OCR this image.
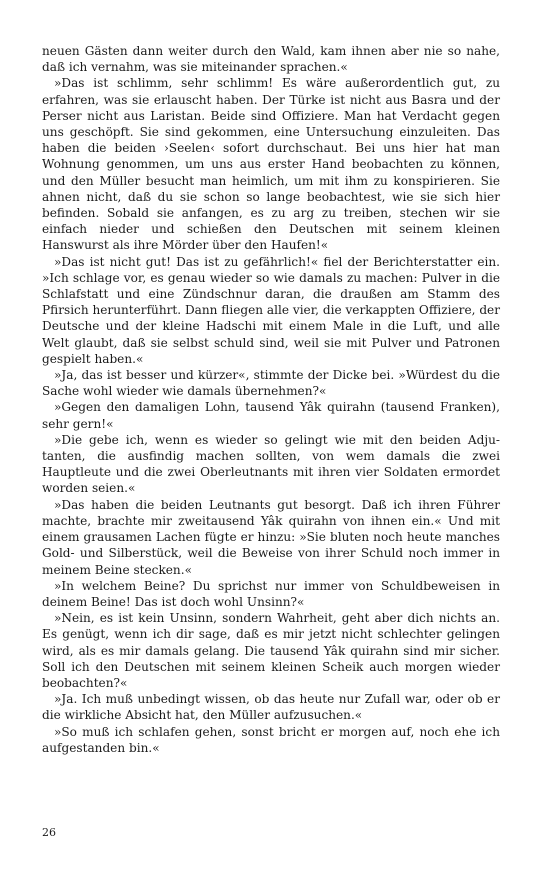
neuen Gästen dann weiter durch den Wald, kam ihnen aber nie so nahe, daß ich vernahm, was sie miteinander sprachen.«

»Das ist schlimm, sehr schlimm! Es wäre außerordentlich gut, zu erfahren, was sie erlauscht haben. Der Türke ist nicht aus Basra und der Perser nicht aus Laristan. Beide sind Offiziere. Man hat Verdacht gegen uns geschöpft. Sie sind gekommen, eine Untersuchung einzuleiten. Das haben die beiden ›Seelen‹ sofort durchschaut. Bei uns hier hat man Wohnung genommen, um uns aus erster Hand beobachten zu können, und den Müller besucht man heimlich, um mit ihm zu konspirieren. Sie ahnen nicht, daß du sie schon so lange beobachtest, wie sie sich hier befinden. Sobald sie anfangen, es zu arg zu treiben, stechen wir sie einfach nieder und schießen den Deutschen mit seinem kleinen Hanswurst als ihre Mörder über den Haufen!«

»Das ist nicht gut! Das ist zu gefährlich!« fiel der Berichterstatter ein. »Ich schlage vor, es genau wieder so wie damals zu machen: Pulver in die Schlafstatt und eine Zündschnur daran, die draußen am Stamm des Pfirsich herunterführt. Dann fliegen alle vier, die verkappten Offiziere, der Deutsche und der kleine Hadschi mit einem Male in die Luft, und alle Welt glaubt, daß sie selbst schuld sind, weil sie mit Pulver und Patronen gespielt haben.«

»Ja, das ist besser und kürzer«, stimmte der Dicke bei. »Würdest du die Sache wohl wieder wie damals übernehmen?«

»Gegen den damaligen Lohn, tausend Yâk quirahn (tausend Franken), sehr gern!«

»Die gebe ich, wenn es wieder so gelingt wie mit den beiden Adjutanten, die ausfindig machen sollten, von wem damals die zwei Hauptleute und die zwei Oberleutnants mit ihren vier Soldaten ermordet worden seien.«

»Das haben die beiden Leutnants gut besorgt. Daß ich ihren Führer machte, brachte mir zweitausend Yâk quirahn von ihnen ein.« Und mit einem grausamen Lachen fügte er hinzu: »Sie bluten noch heute manches Gold- und Silberstück, weil die Beweise von ihrer Schuld noch immer in meinem Beine stecken.«

»In welchem Beine? Du sprichst nur immer von Schuldbeweisen in deinem Beine! Das ist doch wohl Unsinn?«

»Nein, es ist kein Unsinn, sondern Wahrheit, geht aber dich nichts an. Es genügt, wenn ich dir sage, daß es mir jetzt nicht schlechter gelingen wird, als es mir damals gelang. Die tausend Yâk quirahn sind mir sicher. Soll ich den Deutschen mit seinem kleinen Scheik auch morgen wieder beobachten?«

»Ja. Ich muß unbedingt wissen, ob das heute nur Zufall war, oder ob er die wirkliche Absicht hat, den Müller aufzusuchen.«

»So muß ich schlafen gehen, sonst bricht er morgen auf, noch ehe ich aufgestanden bin.«

26
